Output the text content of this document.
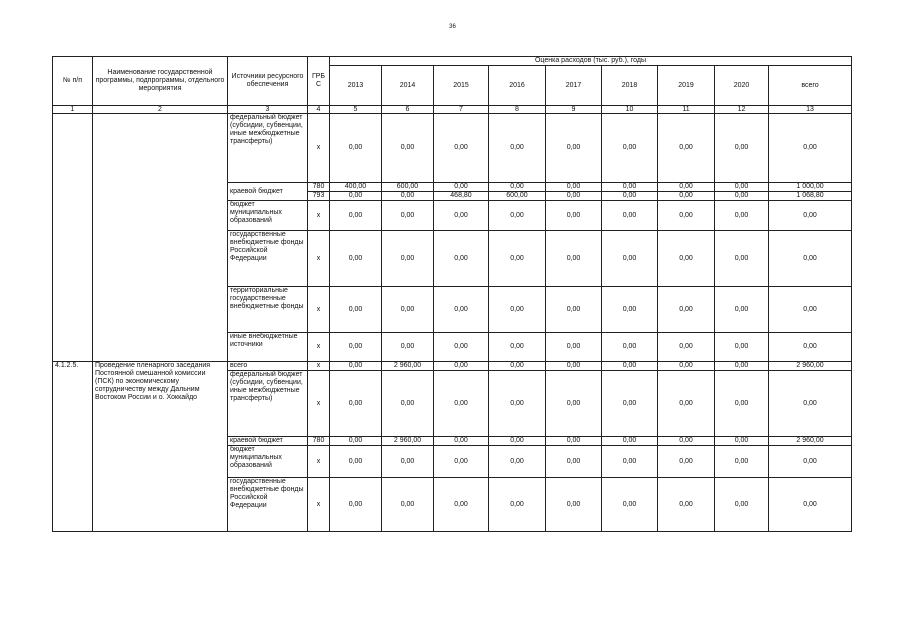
36
№ п/п	Наименование государственной программы, подпрограммы, отдельного мероприятия	Источники ресурсного обеспечения	ГРБ С	Оценка расходов (тыс. руб.), годы								
				2013	2014	2015	2016	2017	2018	2019	2020	всего
1	2	3	4	5	6	7	8	9	10	11	12	13
		федеральный бюджет (субсидии, субвенции, иные межбюджетные трансферты)	x	0,00	0,00	0,00	0,00	0,00	0,00	0,00	0,00	0,00
		краевой бюджет	780	400,00	600,00	0,00	0,00	0,00	0,00	0,00	0,00	1 000,00
			793	0,00	0,00	468,80	600,00	0,00	0,00	0,00	0,00	1 068,80
		бюджет муниципальных образований	x	0,00	0,00	0,00	0,00	0,00	0,00	0,00	0,00	0,00
		государственные внебюджетные фонды Российской Федерации	x	0,00	0,00	0,00	0,00	0,00	0,00	0,00	0,00	0,00
		территориальные государственные внебюджетные фонды	x	0,00	0,00	0,00	0,00	0,00	0,00	0,00	0,00	0,00
		иные внебюджетные источники	x	0,00	0,00	0,00	0,00	0,00	0,00	0,00	0,00	0,00
4.1.2.5.	Проведение пленарного заседания Постоянной смешанной комиссии (ПСК) по экономическому сотрудничеству между Дальним Востоком России и о. Хоккайдо	всего	x	0,00	2 960,00	0,00	0,00	0,00	0,00	0,00	0,00	2 960,00
		федеральный бюджет (субсидии, субвенции, иные межбюджетные трансферты)	x	0,00	0,00	0,00	0,00	0,00	0,00	0,00	0,00	0,00
		краевой бюджет	780	0,00	2 960,00	0,00	0,00	0,00	0,00	0,00	0,00	2 960,00
		бюджет муниципальных образований	x	0,00	0,00	0,00	0,00	0,00	0,00	0,00	0,00	0,00
		государственные внебюджетные фонды Российской Федерации	x	0,00	0,00	0,00	0,00	0,00	0,00	0,00	0,00	0,00
